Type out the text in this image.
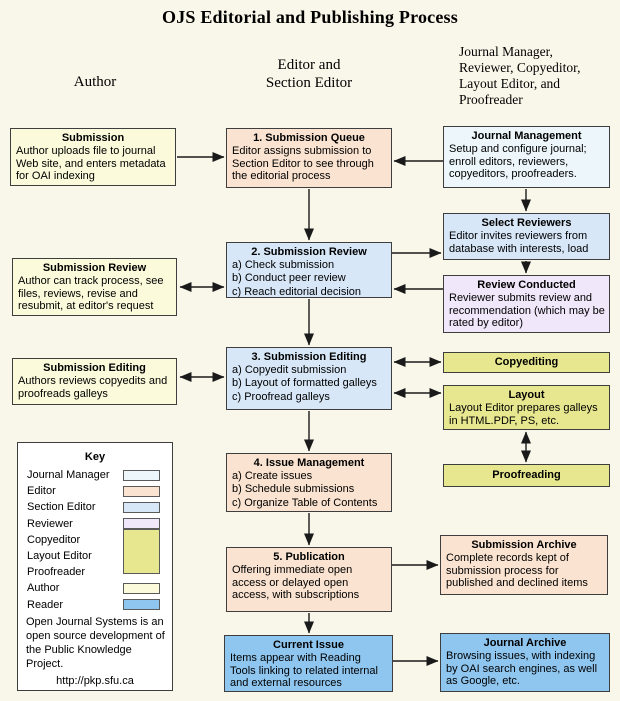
OJS Editorial and Publishing Process
Author
Editor and
Section Editor
Journal Manager,
Reviewer, Copyeditor,
Layout Editor, and
Proofreader
Submission
Author uploads file to journal Web site, and enters metadata for OAI indexing
1. Submission Queue
Editor assigns submission to Section Editor to see through the editorial process
Journal Management
Setup and configure journal; enroll editors, reviewers, copyeditors, proofreaders.
Select Reviewers
Editor invites reviewers from database with interests, load
2. Submission Review
a) Check submission
b) Conduct peer review
c) Reach editorial decision
Submission Review
Author can track process, see files, reviews, revise and resubmit, at editor's request
Review Conducted
Reviewer submits review and recommendation (which may be rated by editor)
Submission Editing
Authors reviews copyedits and proofreads galleys
3. Submission Editing
a) Copyedit submission
b) Layout of formatted galleys
c) Proofread galleys
Copyediting
Layout
Layout Editor prepares galleys in HTML.PDF, PS, etc.
Proofreading
4. Issue Management
a) Create issues
b) Schedule submissions
c) Organize Table of Contents
5. Publication
Offering immediate open access or delayed open access, with subscriptions
Submission Archive
Complete records kept of submission process for published and declined items
Current Issue
Items appear with Reading Tools linking to related internal and external resources
Journal Archive
Browsing issues, with indexing by OAI search engines, as well as Google, etc.
Key
Journal Manager
Editor
Section Editor
Reviewer
Copyeditor
Layout Editor
Proofreader
Author
Reader
Open Journal Systems is an open source development of the Public Knowledge Project.
http://pkp.sfu.ca
